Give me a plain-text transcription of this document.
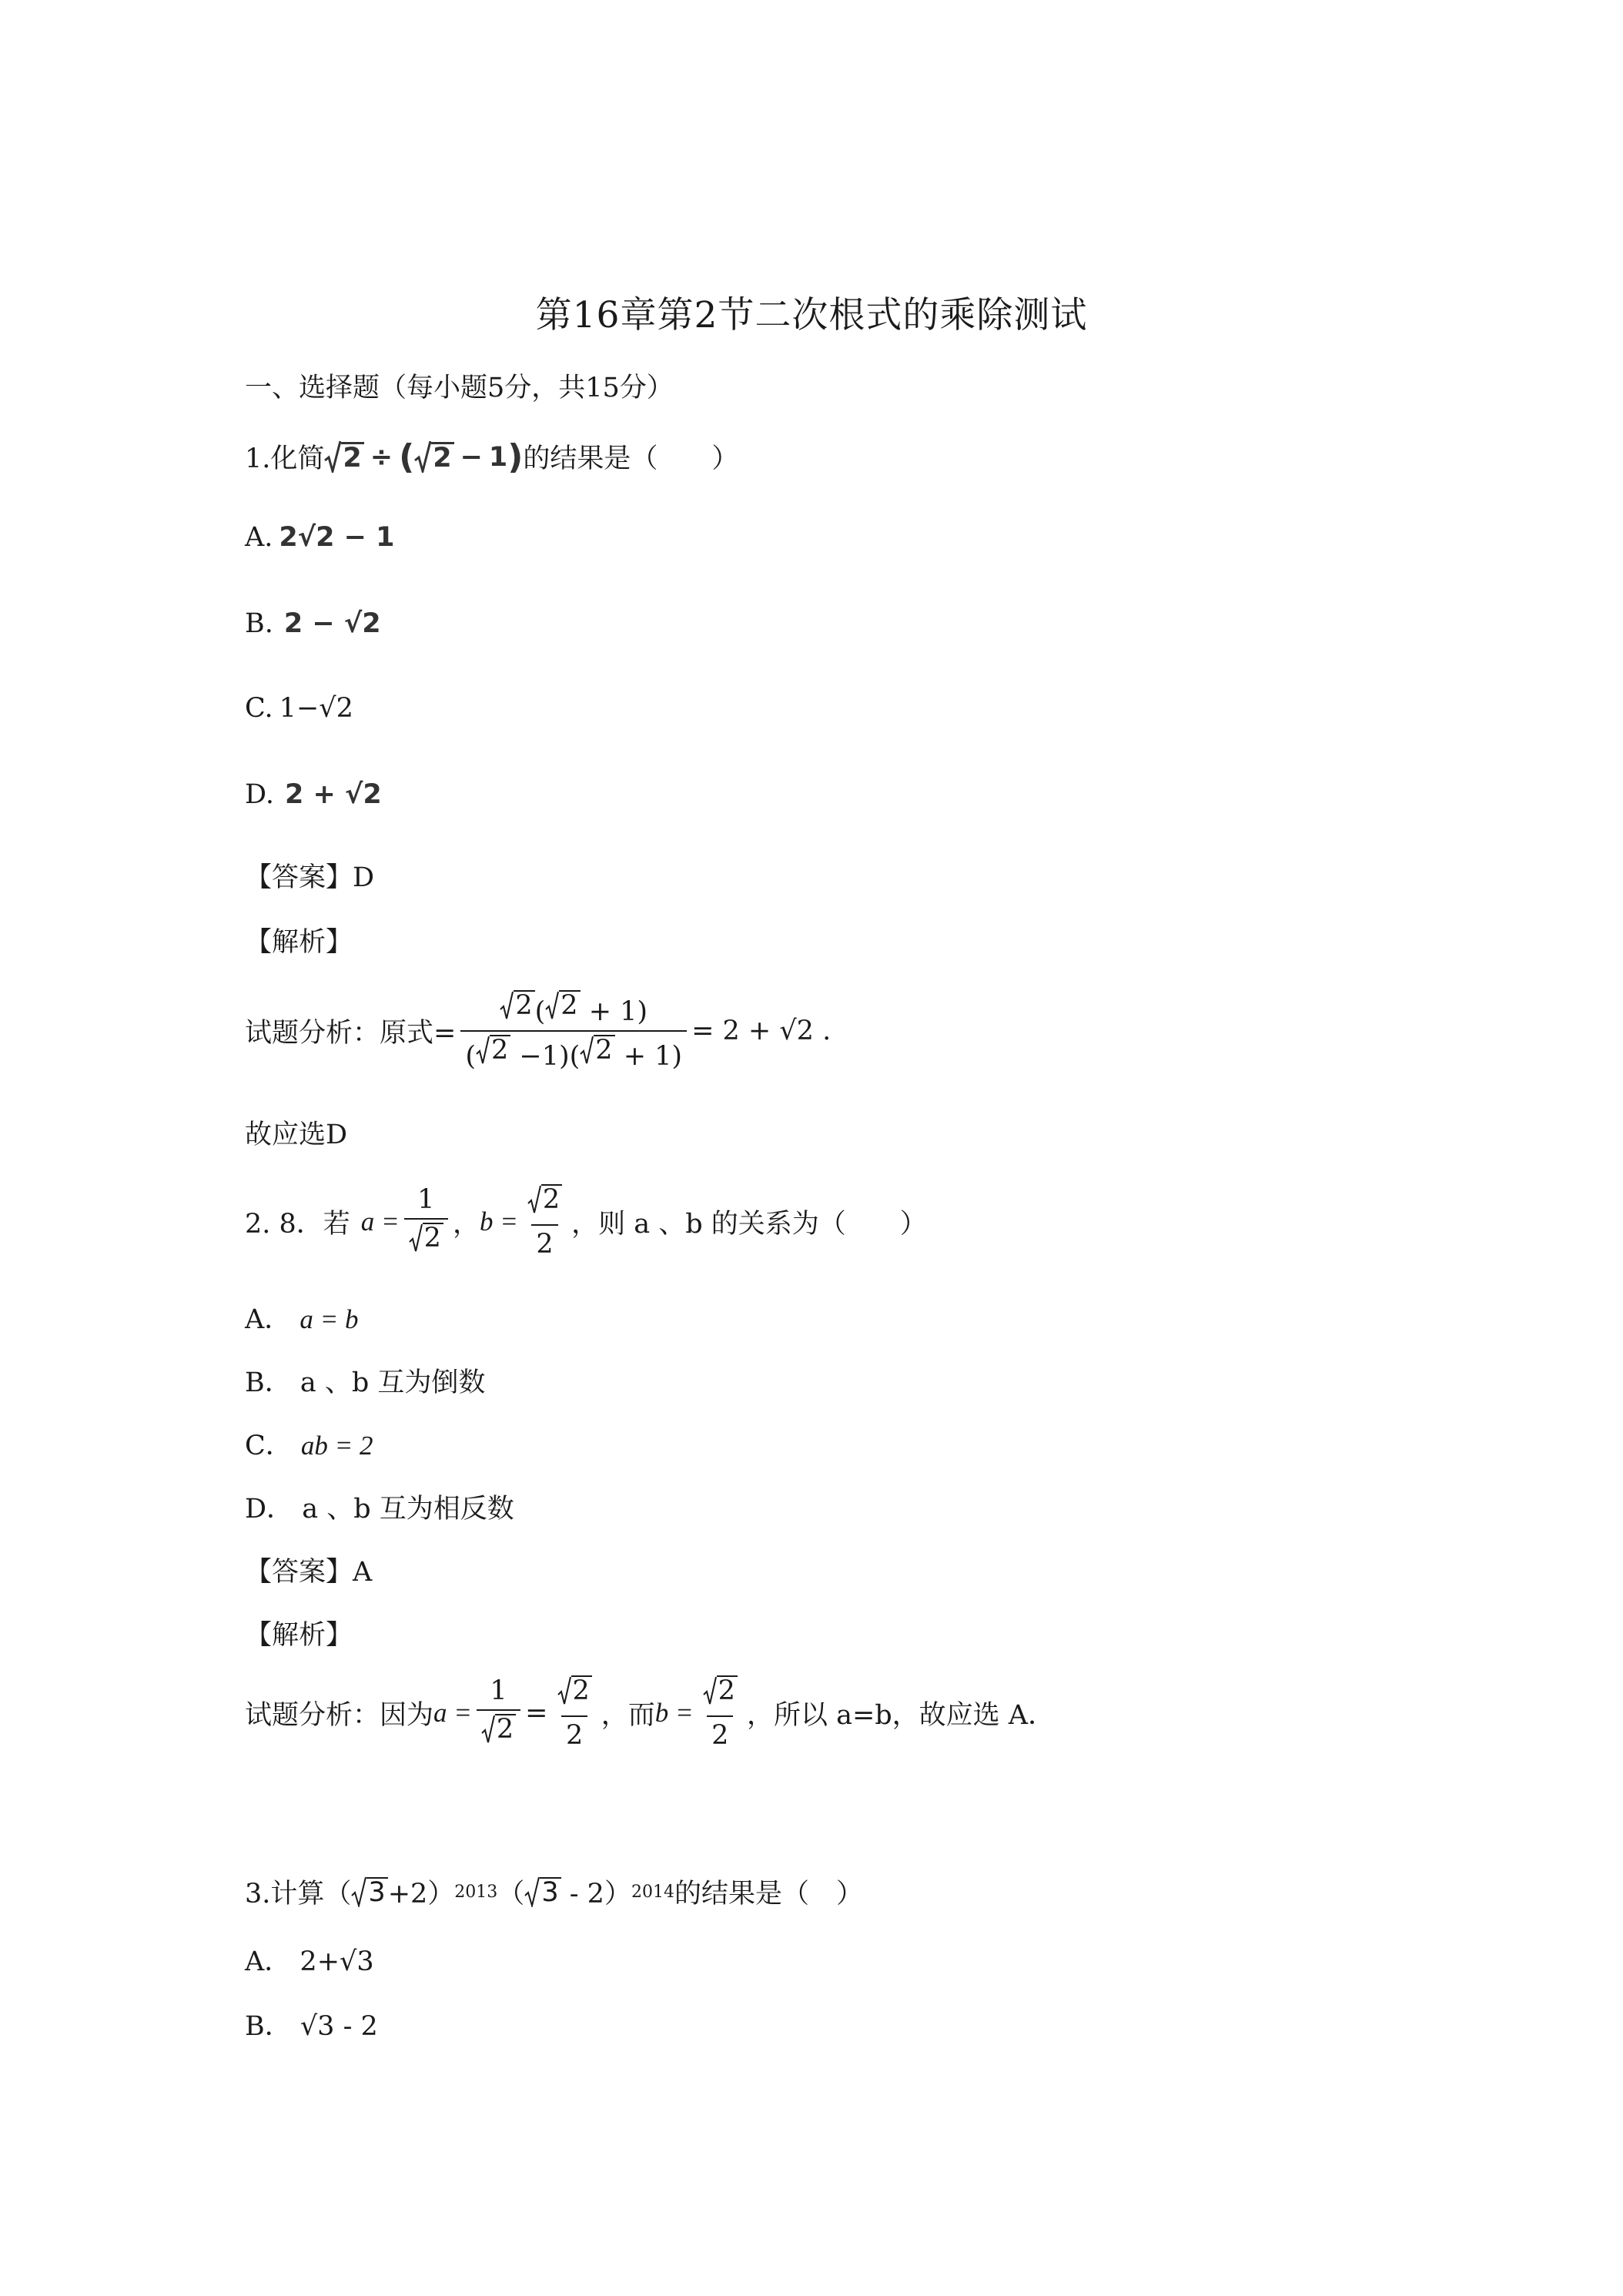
第16章第2节二次根式的乘除测试
一、选择题（每小题5分，共15分）
1.化简 2 ÷ ( 2 − 1 ) 的结果是（　　）
A. 2√2 − 1
B. 2 − √2
C. 1−√2
D. 2 + √2
【答案】D
【解析】
试题分析：原式= $\frac{2 ( 2 + 1)}{( 2 -1)( 2 + 1)} = 2 + √2$ .
故应选D
2. 8．若 $a = \frac{1}{2}$ ， $b = \frac{2}{2}$ ，则 a 、b 的关系为（　　）
A． a = b
B． a 、b 互为倒数
C． ab = 2
D． a 、b 互为相反数
【答案】A
【解析】
试题分析：因为 $a = \frac{1}{2} = \frac{2}{2}$ ，而 $b = \frac{2}{2}$ ，所以 a=b，故应选 A．
3.计算（ 3 +2） 2013 （ 3 - 2） 2014 的结果是（　）
A． 2+√3
B． √3 - 2
